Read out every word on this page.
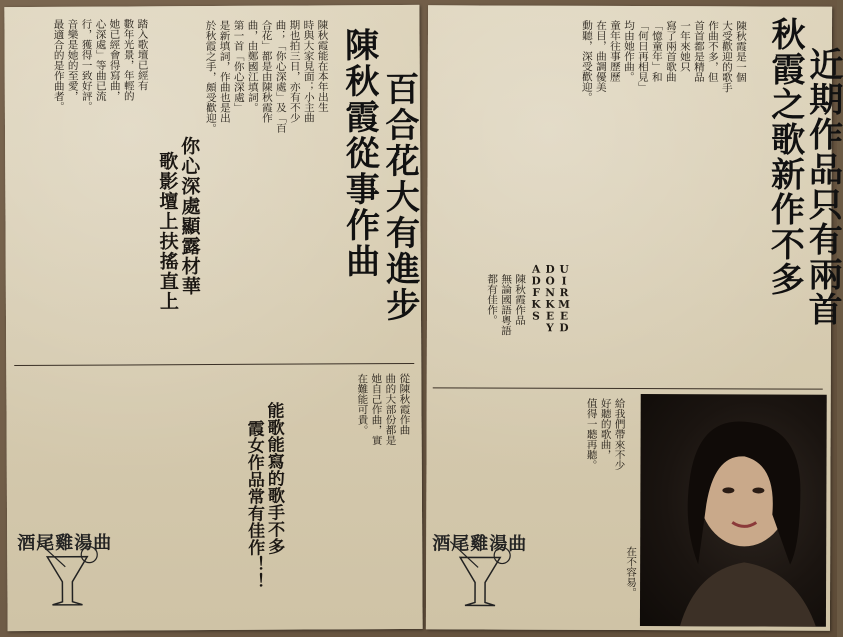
陳秋霞從事作曲
百合花大有進步
陳秋霞能在本年出生
時與大家見面；小主曲
期也拍三日，亦有不少
曲；「你心深處」及「百
合花」都是由陳秋霞作
曲，由鄭國江填詞。
第一首「你心深處」
是新填詞，作曲也是出
於秋霞之手，頗受歡迎。
你心深處顯露材華
歌影壇上扶搖直上
踏入歌壇已經有
數年光景，年輕的
她已經會得寫曲，
心深處」等曲已流
行，獲得一致好評。
音樂是她的至愛，
最適合的是作曲者。
從陳秋霞作曲
曲的大部份都是
她自己作曲，實
在難能可貴。
能歌能寫的歌手不多
霞女作品常有佳作！！
酒尾雞湯曲
秋霞之歌新作不多
近期作品只有兩首
陳秋霞是一個
大受歡迎的歌手
作曲不多，但
首首都是精品
一年來她只
寫了兩首歌曲
「憶童年」和
「何日再相見」
均由她作曲。
童年往事歷歷
在目，曲調優美
動聽，深受歡迎。
UIRMED
DONKEY
ADFKS
陳秋霞作品
無論國語粵語
都有佳作。
給我們帶來不少
好聽的歌曲，
值得一聽再聽。
在不容易。
酒尾雞湯曲
